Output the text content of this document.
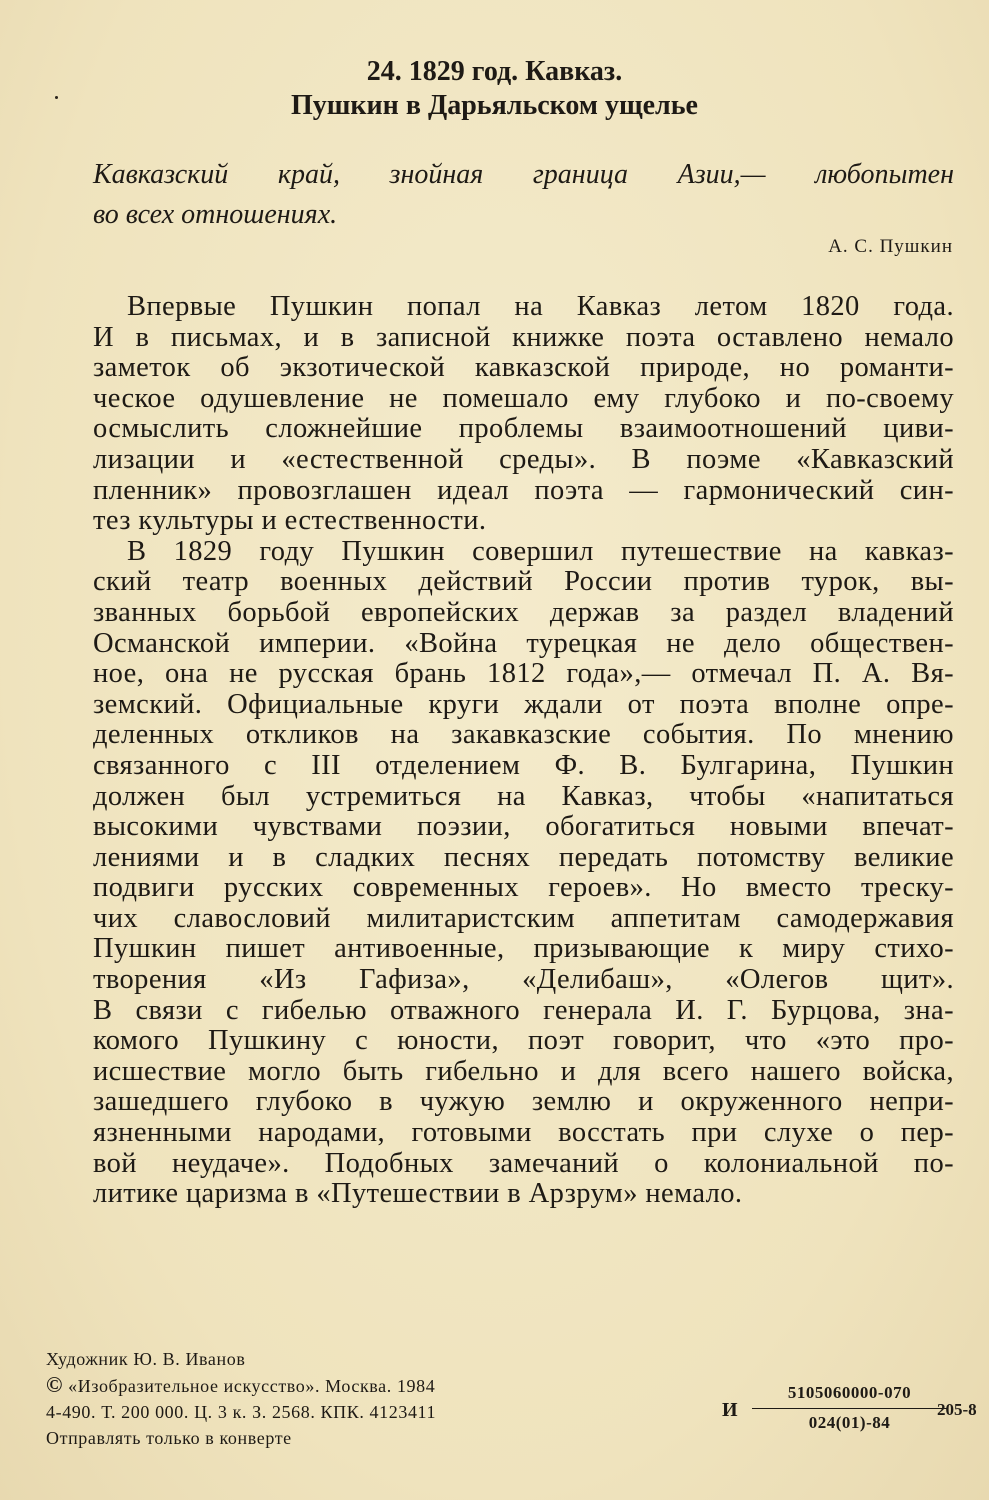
24. 1829 год. Кавказ.
Пушкин в Дарьяльском ущелье

Кавказский край, знойная граница Азии,— любопытен

во всех отношениях.

А. С. Пушкин

Впервые Пушкин попал на Кавказ летом 1820 года.
И в письмах, и в записной книжке поэта оставлено немало
заметок об экзотической кавказской природе, но романти-
ческое одушевление не помешало ему глубоко и по-своему
осмыслить сложнейшие проблемы взаимоотношений циви-
лизации и «естественной среды». В поэме «Кавказский
пленник» провозглашен идеал поэта — гармонический син-
тез культуры и естественности.
В 1829 году Пушкин совершил путешествие на кавказ-
ский театр военных действий России против турок, вы-
званных борьбой европейских держав за раздел владений
Османской империи. «Война турецкая не дело обществен-
ное, она не русская брань 1812 года»,— отмечал П. А. Вя-
земский. Официальные круги ждали от поэта вполне опре-
деленных откликов на закавказские события. По мнению
связанного с III отделением Ф. В. Булгарина, Пушкин
должен был устремиться на Кавказ, чтобы «напитаться
высокими чувствами поэзии, обогатиться новыми впечат-
лениями и в сладких песнях передать потомству великие
подвиги русских современных героев». Но вместо треску-
чих славословий милитаристским аппетитам самодержавия
Пушкин пишет антивоенные, призывающие к миру стихо-
творения «Из Гафиза», «Делибаш», «Олегов щит».
В связи с гибелью отважного генерала И. Г. Бурцова, зна-
комого Пушкину с юности, поэт говорит, что «это про-
исшествие могло быть гибельно и для всего нашего войска,
зашедшего глубоко в чужую землю и окруженного непри-
язненными народами, готовыми восстать при слухе о пер-
вой неудаче». Подобных замечаний о колониальной по-
литике царизма в «Путешествии в Арзрум» немало.
Художник Ю. В. Иванов
© «Изобразительное искусство». Москва. 1984
4-490. Т. 200 000. Ц. 3 к. З. 2568. КПК. 4123411
Отправлять только в конверте
И
5105060000-070
024(01)-84
205-8
